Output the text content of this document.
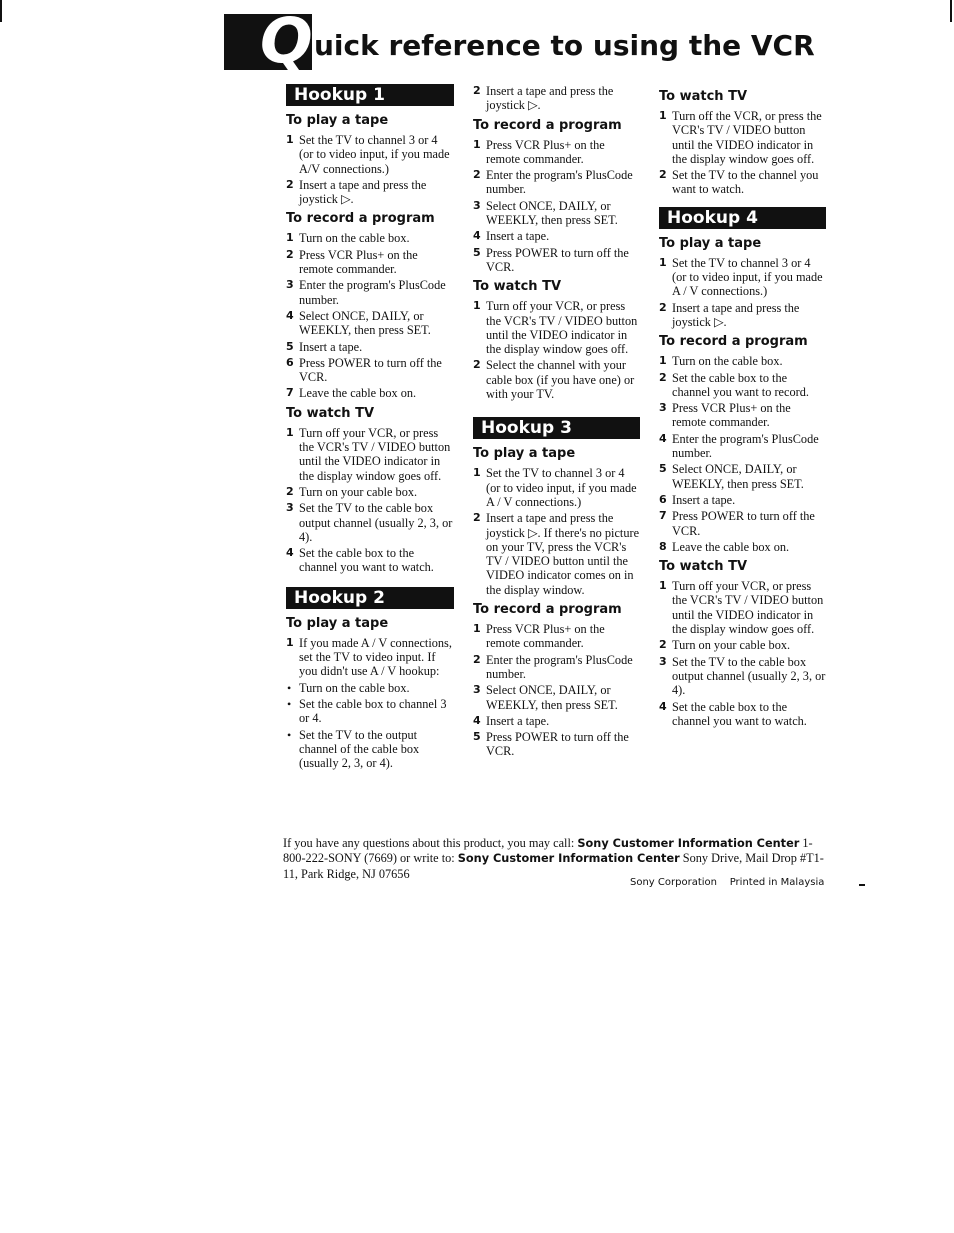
Q uick reference to using the VCR
Hookup 1
To play a tape
1 Set the TV to channel 3 or 4 (or to video input, if you made A/V connections.)
2 Insert a tape and press the joystick ▷.
To record a program
1 Turn on the cable box.
2 Press VCR Plus+ on the remote commander.
3 Enter the program's PlusCode number.
4 Select ONCE, DAILY, or WEEKLY, then press SET.
5 Insert a tape.
6 Press POWER to turn off the VCR.
7 Leave the cable box on.
To watch TV
1 Turn off your VCR, or press the VCR's TV / VIDEO button until the VIDEO indicator in the display window goes off.
2 Turn on your cable box.
3 Set the TV to the cable box output channel (usually 2, 3, or 4).
4 Set the cable box to the channel you want to watch.
Hookup 2
To play a tape
1 If you made A / V connections, set the TV to video input. If you didn't use A / V hookup:
• Turn on the cable box.
• Set the cable box to channel 3 or 4.
• Set the TV to the output channel of the cable box (usually 2, 3, or 4).
2 Insert a tape and press the joystick ▷.
To record a program
1 Press VCR Plus+ on the remote commander.
2 Enter the program's PlusCode number.
3 Select ONCE, DAILY, or WEEKLY, then press SET.
4 Insert a tape.
5 Press POWER to turn off the VCR.
To watch TV
1 Turn off your VCR, or press the VCR's TV / VIDEO button until the VIDEO indicator in the display window goes off.
2 Select the channel with your cable box (if you have one) or with your TV.
Hookup 3
To play a tape
1 Set the TV to channel 3 or 4 (or to video input, if you made A / V connections.)
2 Insert a tape and press the joystick ▷. If there's no picture on your TV, press the VCR's TV / VIDEO button until the VIDEO indicator comes on in the display window.
To record a program
1 Press VCR Plus+ on the remote commander.
2 Enter the program's PlusCode number.
3 Select ONCE, DAILY, or WEEKLY, then press SET.
4 Insert a tape.
5 Press POWER to turn off the VCR.
To watch TV
1 Turn off the VCR, or press the VCR's TV / VIDEO button until the VIDEO indicator in the display window goes off.
2 Set the TV to the channel you want to watch.
Hookup 4
To play a tape
1 Set the TV to channel 3 or 4 (or to video input, if you made A / V connections.)
2 Insert a tape and press the joystick ▷.
To record a program
1 Turn on the cable box.
2 Set the cable box to the channel you want to record.
3 Press VCR Plus+ on the remote commander.
4 Enter the program's PlusCode number.
5 Select ONCE, DAILY, or WEEKLY, then press SET.
6 Insert a tape.
7 Press POWER to turn off the VCR.
8 Leave the cable box on.
To watch TV
1 Turn off your VCR, or press the VCR's TV / VIDEO button until the VIDEO indicator in the display window goes off.
2 Turn on your cable box.
3 Set the TV to the cable box output channel (usually 2, 3, or 4).
4 Set the cable box to the channel you want to watch.
If you have any questions about this product, you may call: Sony Customer Information Center 1-800-222-SONY (7669) or write to: Sony Customer Information Center Sony Drive, Mail Drop #T1-11, Park Ridge, NJ 07656
Sony Corporation Printed in Malaysia
